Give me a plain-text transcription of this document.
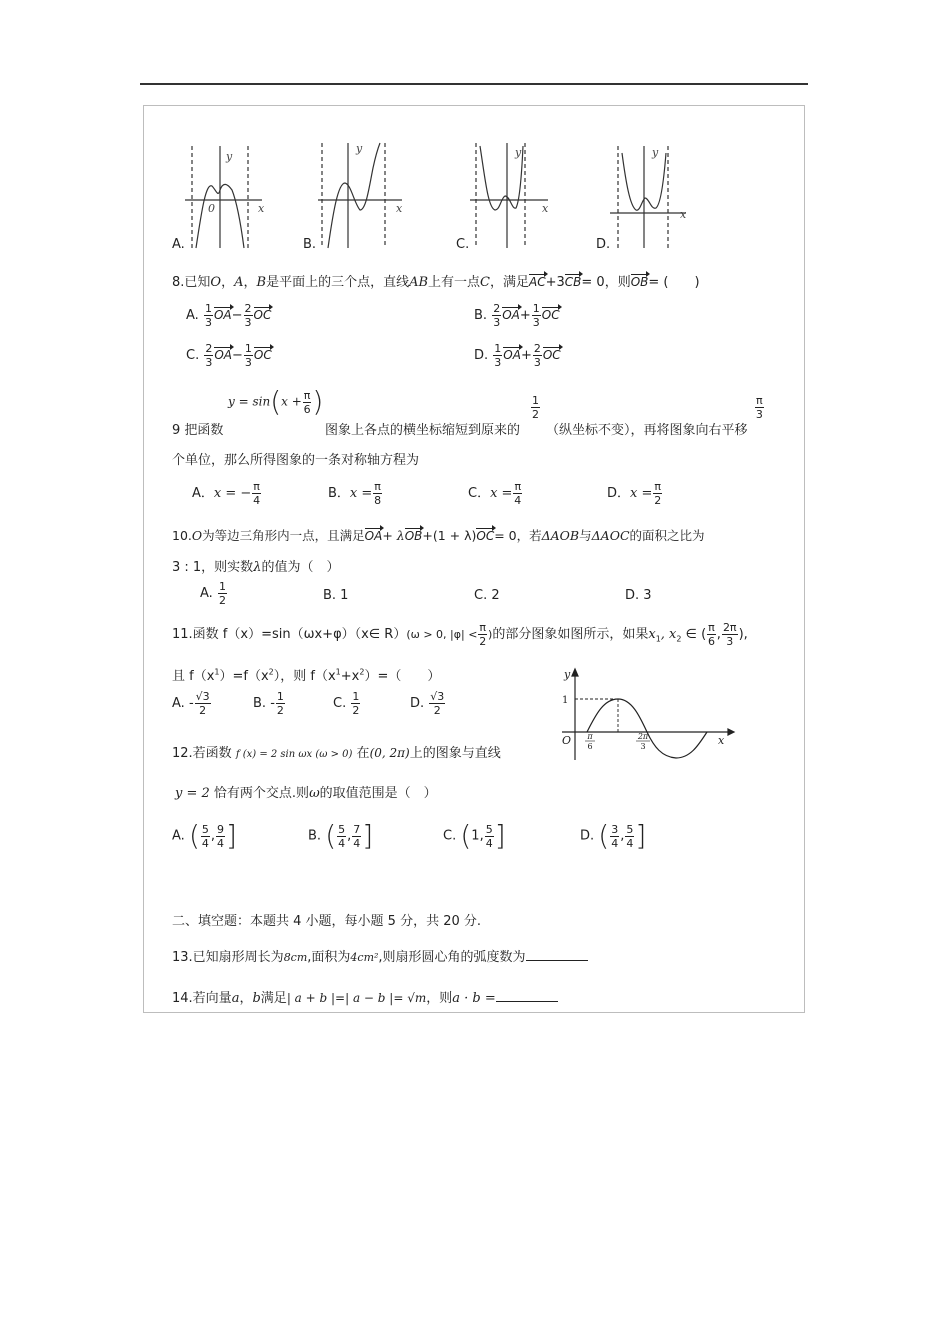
y
x
0
y
x
y
x
y
x
A.	B.	C.	D.
8.已知O，A，B是平面上的三个点，直线AB上有一点C，满足AC+3CB= 0，则OB= (　　)
A. $\frac{1}{3} OA- \frac{2}{3}$ OC	B. $\frac{2}{3} OA+ \frac{1}{3}$ OC
C. $\frac{2}{3} OA- \frac{1}{3}$ OC	D. $\frac{1}{3} OA+ \frac{2}{3}$ OC
$y = \sin(x + \frac{\pi}{6}$ )
9 把函数	图象上各点的横坐标缩短到原来的
$\frac{1}{2}$
（纵坐标不变），再将图象向右平移
$\frac{\pi}{3}$
个单位，那么所得图象的一条对称轴方程为
A．x = − $\frac{\pi}{4}$	B．$x = \frac{\pi}{8}$	C．$x = \frac{\pi}{4}$	D．$x = \frac{\pi}{2}$
10.O为等边三角形内一点，且满足OA+ λOB+(1 + λ)OC= 0，若ΔAOB与ΔAOC的面积之比为
3 : 1，则实数λ的值为（　）
A. $\frac{1}{2}$	B. 1	C. 2	D. 3
11.函数 f（x）=sin（ωx+φ）（x∈ R）(ω > 0, $|\varphi| < \frac{\pi}{2}$ )的部分图象如图所示，如果$x_1$, $x_2$ ∈ ( $\frac{\pi}{6}$ , $\frac{2\pi}{3}$ ),
且 $f(x^1)=f(x^2)$，则 $f(x^1+x^2)=$（　　）
A. - $\frac{√3}{2}$	B. - $\frac{1}{2}$	C. $\frac{1}{2}$	D. $\frac{√3}{2}$
y
x
1
O π
6
2π
3
12.若函数 f (x) = 2 sin ωx (ω > 0) 在(0, 2π)上的图象与直线
y = 2 恰有两个交点.则ω的取值范围是（　）
A. ( $\frac{5}{4}$ , $\frac{9}{4}$ ]	B. ( $\frac{5}{4}$ , $\frac{7}{4}$ ]	C. (1, $\frac{5}{4}$ ]	D. ( $\frac{3}{4}$ , $\frac{5}{4}$ ]
二、填空题：本题共 4 小题，每小题 5 分，共 20 分.
13.已知扇形周长为8cm,面积为4cm²,则扇形圆心角的弧度数为
14.若向量a，b满足| a + b |=| a − b |= √m，则a · b =
